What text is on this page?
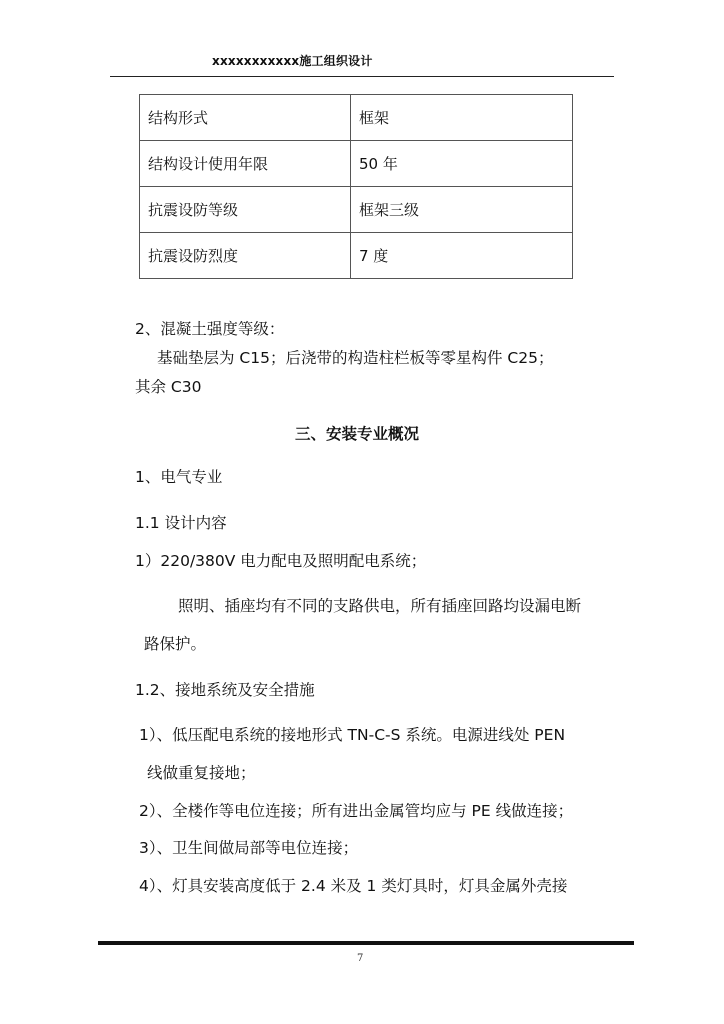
xxxxxxxxxxx施工组织设计
结构形式	框架
结构设计使用年限	50 年
抗震设防等级	框架三级
抗震设防烈度	7 度
2、混凝土强度等级：
基础垫层为 C15；后浇带的构造柱栏板等零星构件 C25；
其余 C30
三、安装专业概况
1、电气专业
1.1 设计内容
1）220/380V 电力配电及照明配电系统；
照明、插座均有不同的支路供电，所有插座回路均设漏电断
路保护。
1.2、接地系统及安全措施
1）、低压配电系统的接地形式 TN-C-S 系统。电源进线处 PEN
线做重复接地；
2）、全楼作等电位连接；所有进出金属管均应与 PE 线做连接；
3）、卫生间做局部等电位连接；
4）、灯具安装高度低于 2.4 米及 1 类灯具时，灯具金属外壳接
7
